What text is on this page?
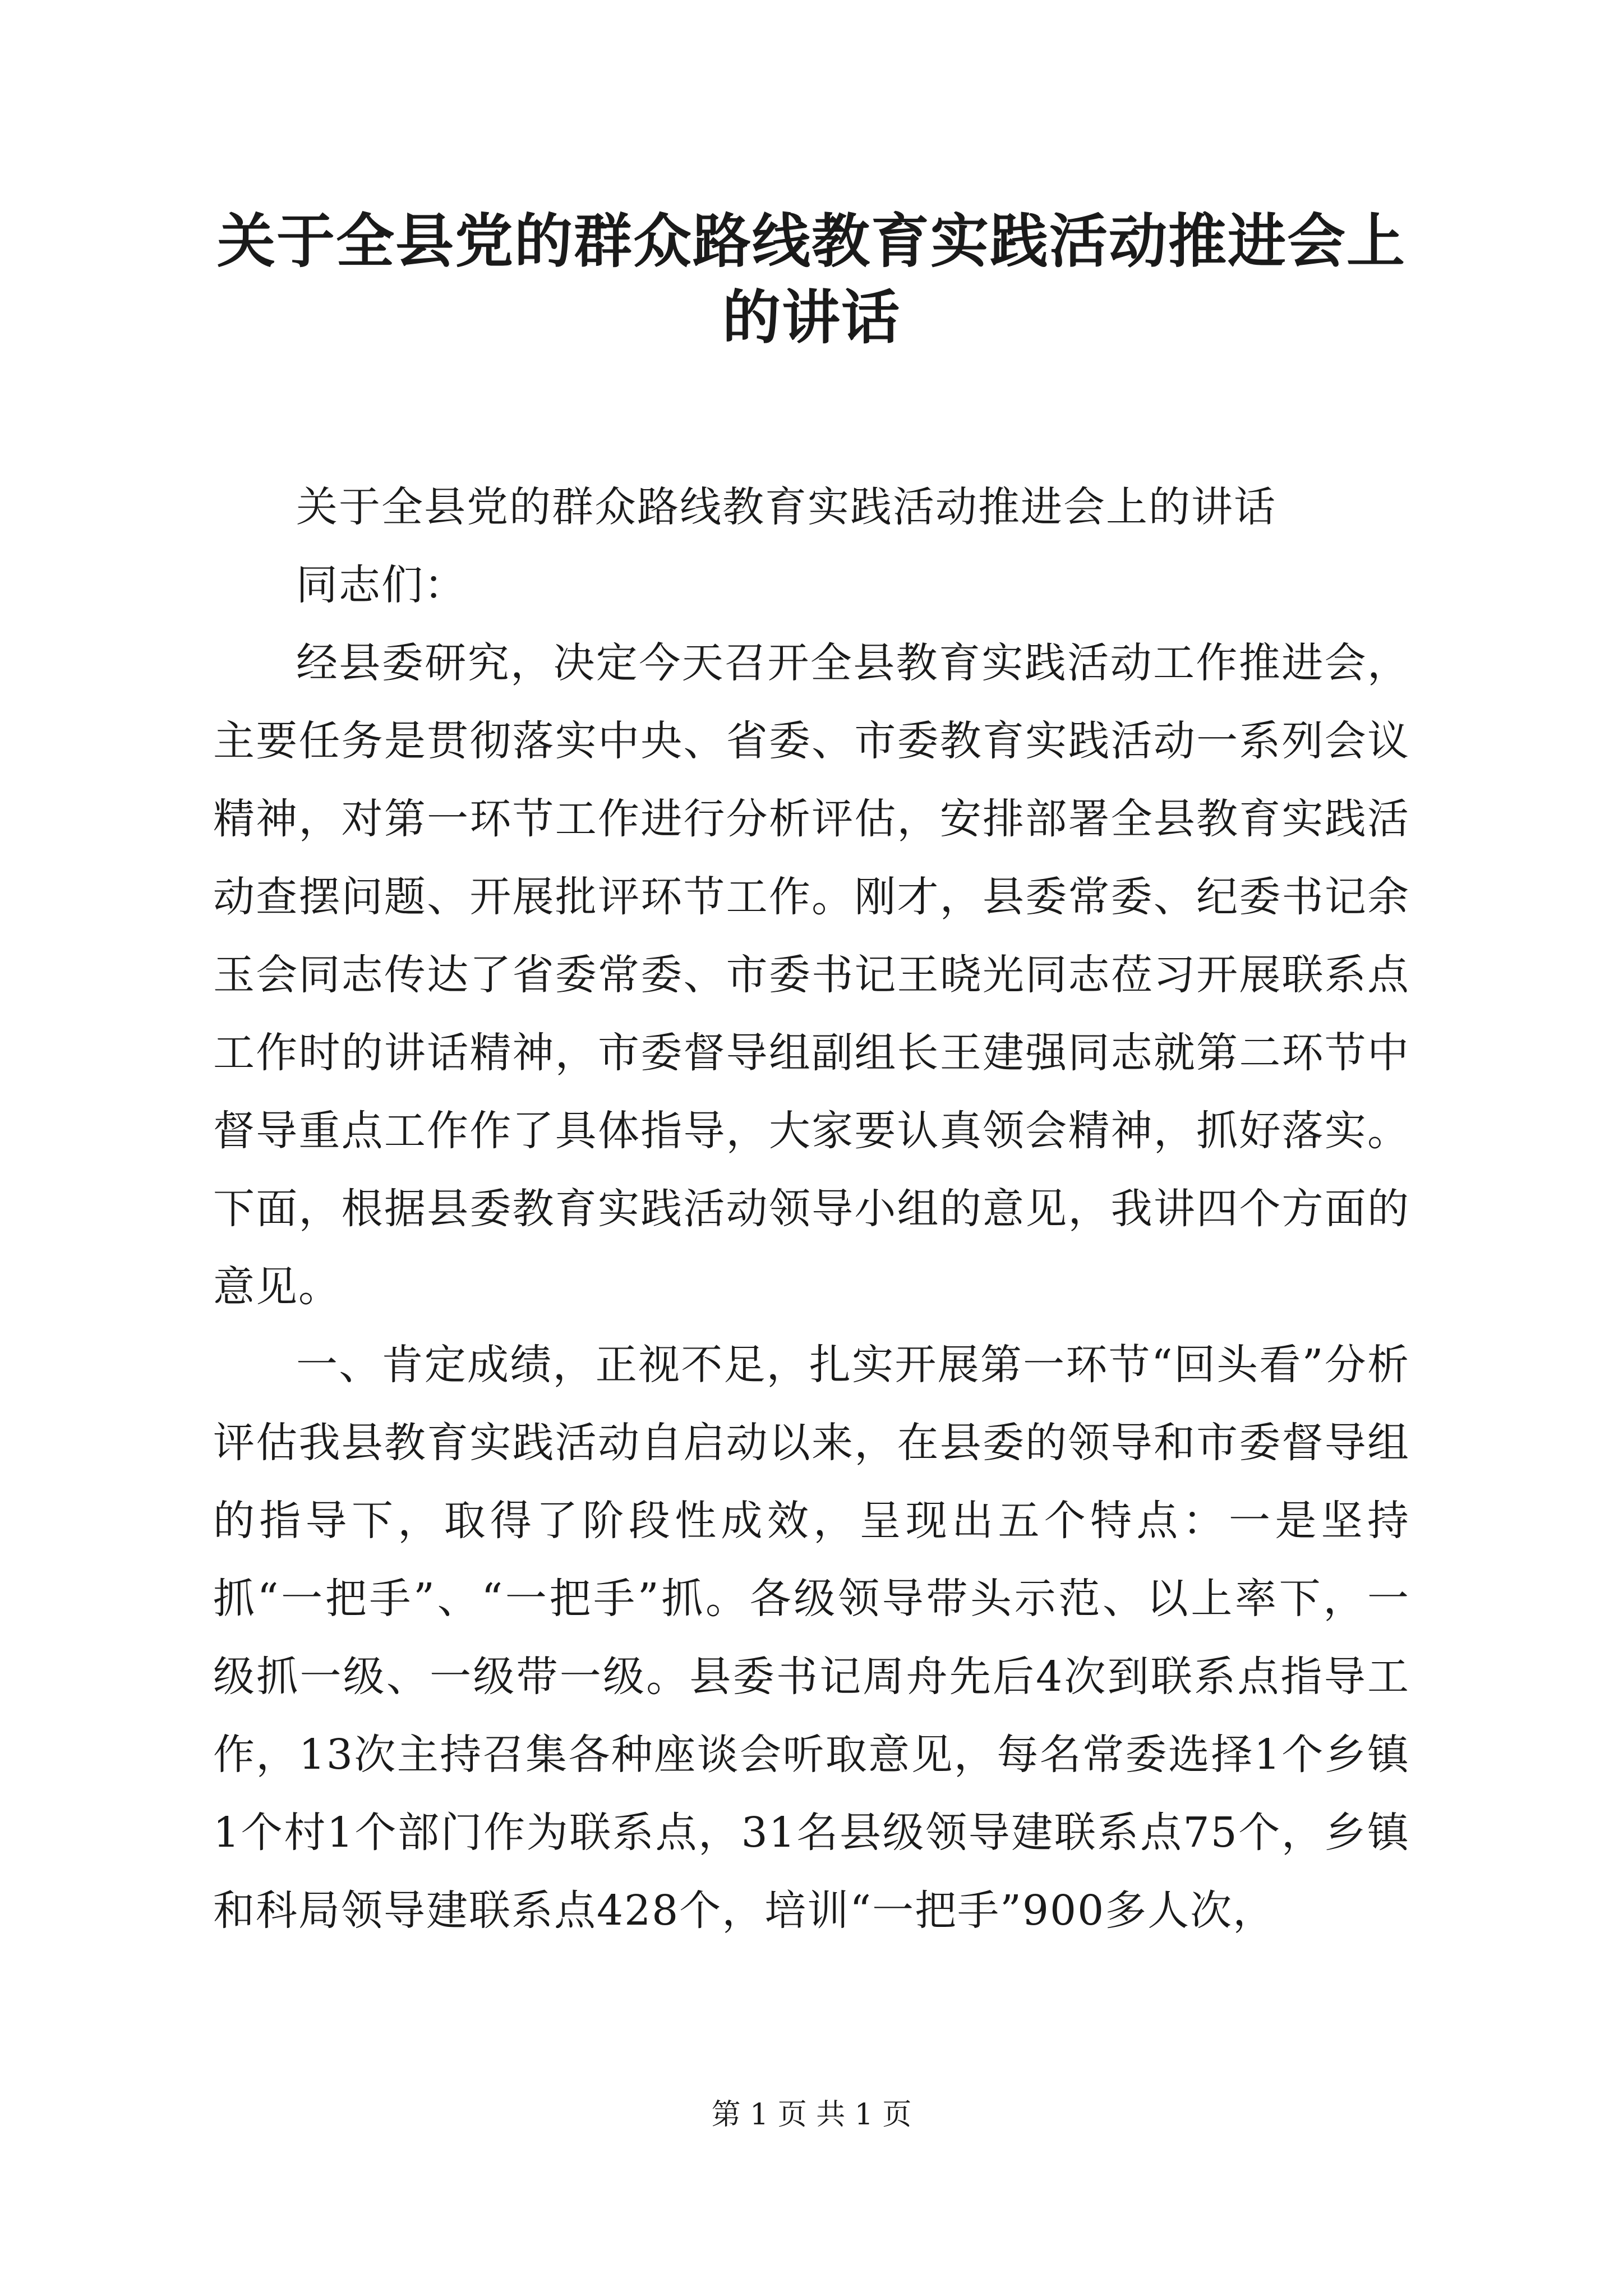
关于全县党的群众路线教育实践活动推进会上的讲话

关于全县党的群众路线教育实践活动推进会上的讲话

同志们：

经县委研究，决定今天召开全县教育实践活动工作推进会，主要任务是贯彻落实中央、省委、市委教育实践活动一系列会议精神，对第一环节工作进行分析评估，安排部署全县教育实践活动查摆问题、开展批评环节工作。刚才，县委常委、纪委书记余玉会同志传达了省委常委、市委书记王晓光同志莅习开展联系点工作时的讲话精神，市委督导组副组长王建强同志就第二环节中督导重点工作作了具体指导，大家要认真领会精神，抓好落实。下面，根据县委教育实践活动领导小组的意见，我讲四个方面的意见。

一、肯定成绩，正视不足，扎实开展第一环节“回头看”分析评估我县教育实践活动自启动以来，在县委的领导和市委督导组的指导下，取得了阶段性成效，呈现出五个特点：一是坚持抓“一把手”、“一把手”抓。各级领导带头示范、以上率下，一级抓一级、一级带一级。县委书记周舟先后4次到联系点指导工作，13次主持召集各种座谈会听取意见，每名常委选择1个乡镇1个村1个部门作为联系点，31名县级领导建联系点75个，乡镇和科局领导建联系点428个，培训“一把手”900多人次，

第 1 页 共 1 页
